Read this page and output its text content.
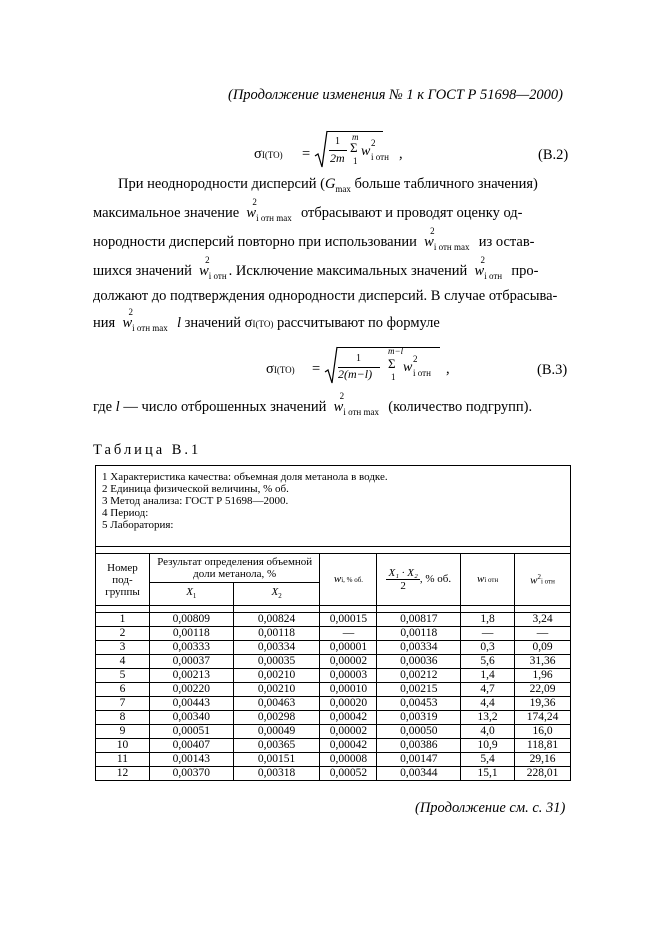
(Продолжение изменения № 1 к ГОСТ Р 51698—2000)
σI(TO) =
1
2m
m
Σ
1
w
2
i отн ,	(В.2)
При неоднородности дисперсий ($G_{max}$ больше табличного значения)
максимальное значение w
2
$_{i отн max}$ отбрасывают и проводят оценку од-
нородности дисперсий повторно при использовании w
2
$_{i отн max}$ из остав-
шихся значений w
2
$_{i отн}$ . Исключение максимальных значений w
2
$_{i отн}$ про-
должают до подтверждения однородности дисперсий. В случае отбрасыва-
ния w
2
$_{i отн max}$ l значений σI(TO) рассчитывают по формуле
σI(TO) =
1
2(m−l)
m−l
Σ
1
w
2
i отн ,	(В.3)
где l — число отброшенных значений w
2
$_{i отн max}$ (количество подгрупп).
Таблица В.1
1 Характеристика качества: объемная доля метанола в водке.
2 Единица физической величины, % об.
3 Метод анализа: ГОСТ Р 51698—2000.
4 Период:
5 Лаборатория:						

Номер под-группы	Результат определения объемной доли метанола, %		wi, % об.	$\frac{\text{X₁ · X₂}}{2}$ , % об.	wi отн	$w^2i$ отн
	$X_1$	$X_2$

1	0,00809	0,00824	0,00015	0,00817	1,8	3,24
2	0,00118	0,00118	—	0,00118	—	—
3	0,00333	0,00334	0,00001	0,00334	0,3	0,09
4	0,00037	0,00035	0,00002	0,00036	5,6	31,36
5	0,00213	0,00210	0,00003	0,00212	1,4	1,96
6	0,00220	0,00210	0,00010	0,00215	4,7	22,09
7	0,00443	0,00463	0,00020	0,00453	4,4	19,36
8	0,00340	0,00298	0,00042	0,00319	13,2	174,24
9	0,00051	0,00049	0,00002	0,00050	4,0	16,0
10	0,00407	0,00365	0,00042	0,00386	10,9	118,81
11	0,00143	0,00151	0,00008	0,00147	5,4	29,16
12	0,00370	0,00318	0,00052	0,00344	15,1	228,01
(Продолжение см. с. 31)
